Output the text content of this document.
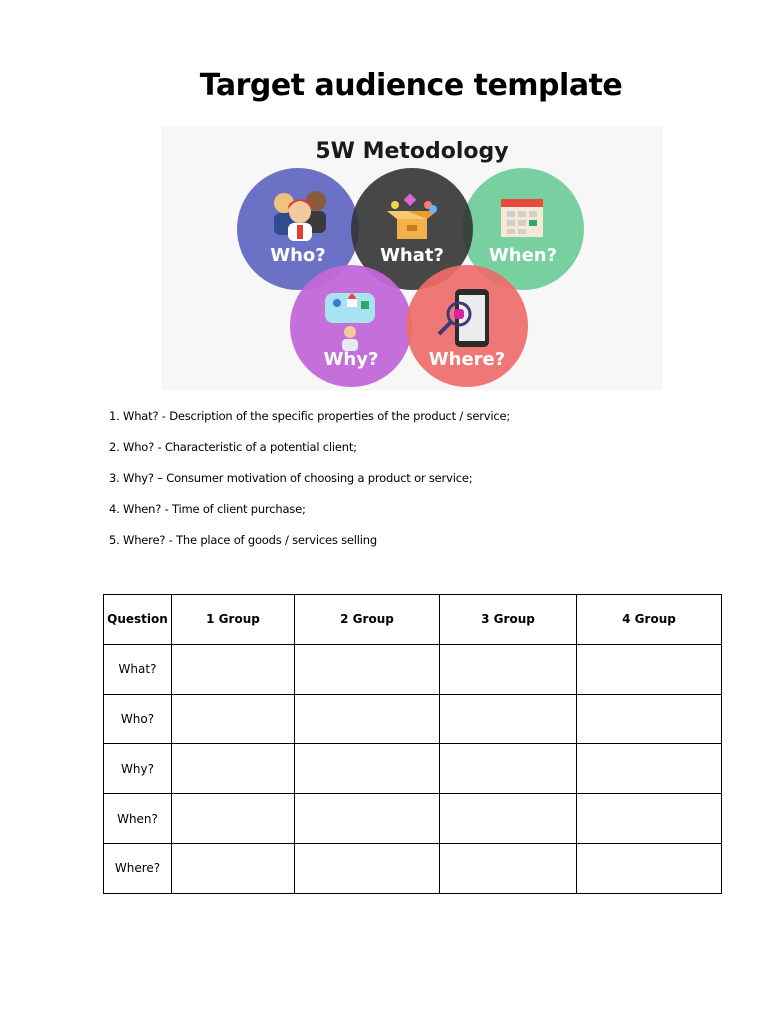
Target audience template
5W Metodology
Who?	What? When?
Why?	Where?
1. What? - Description of the specific properties of the product / service;
2. Who? - Characteristic of a potential client;
3. Why? – Consumer motivation of choosing a product or service;
4. When? - Time of client purchase;
5. Where? - The place of goods / services selling
Question	1 Group	2 Group	3 Group	4 Group
What?				
Who?				
Why?				
When?				
Where?				
